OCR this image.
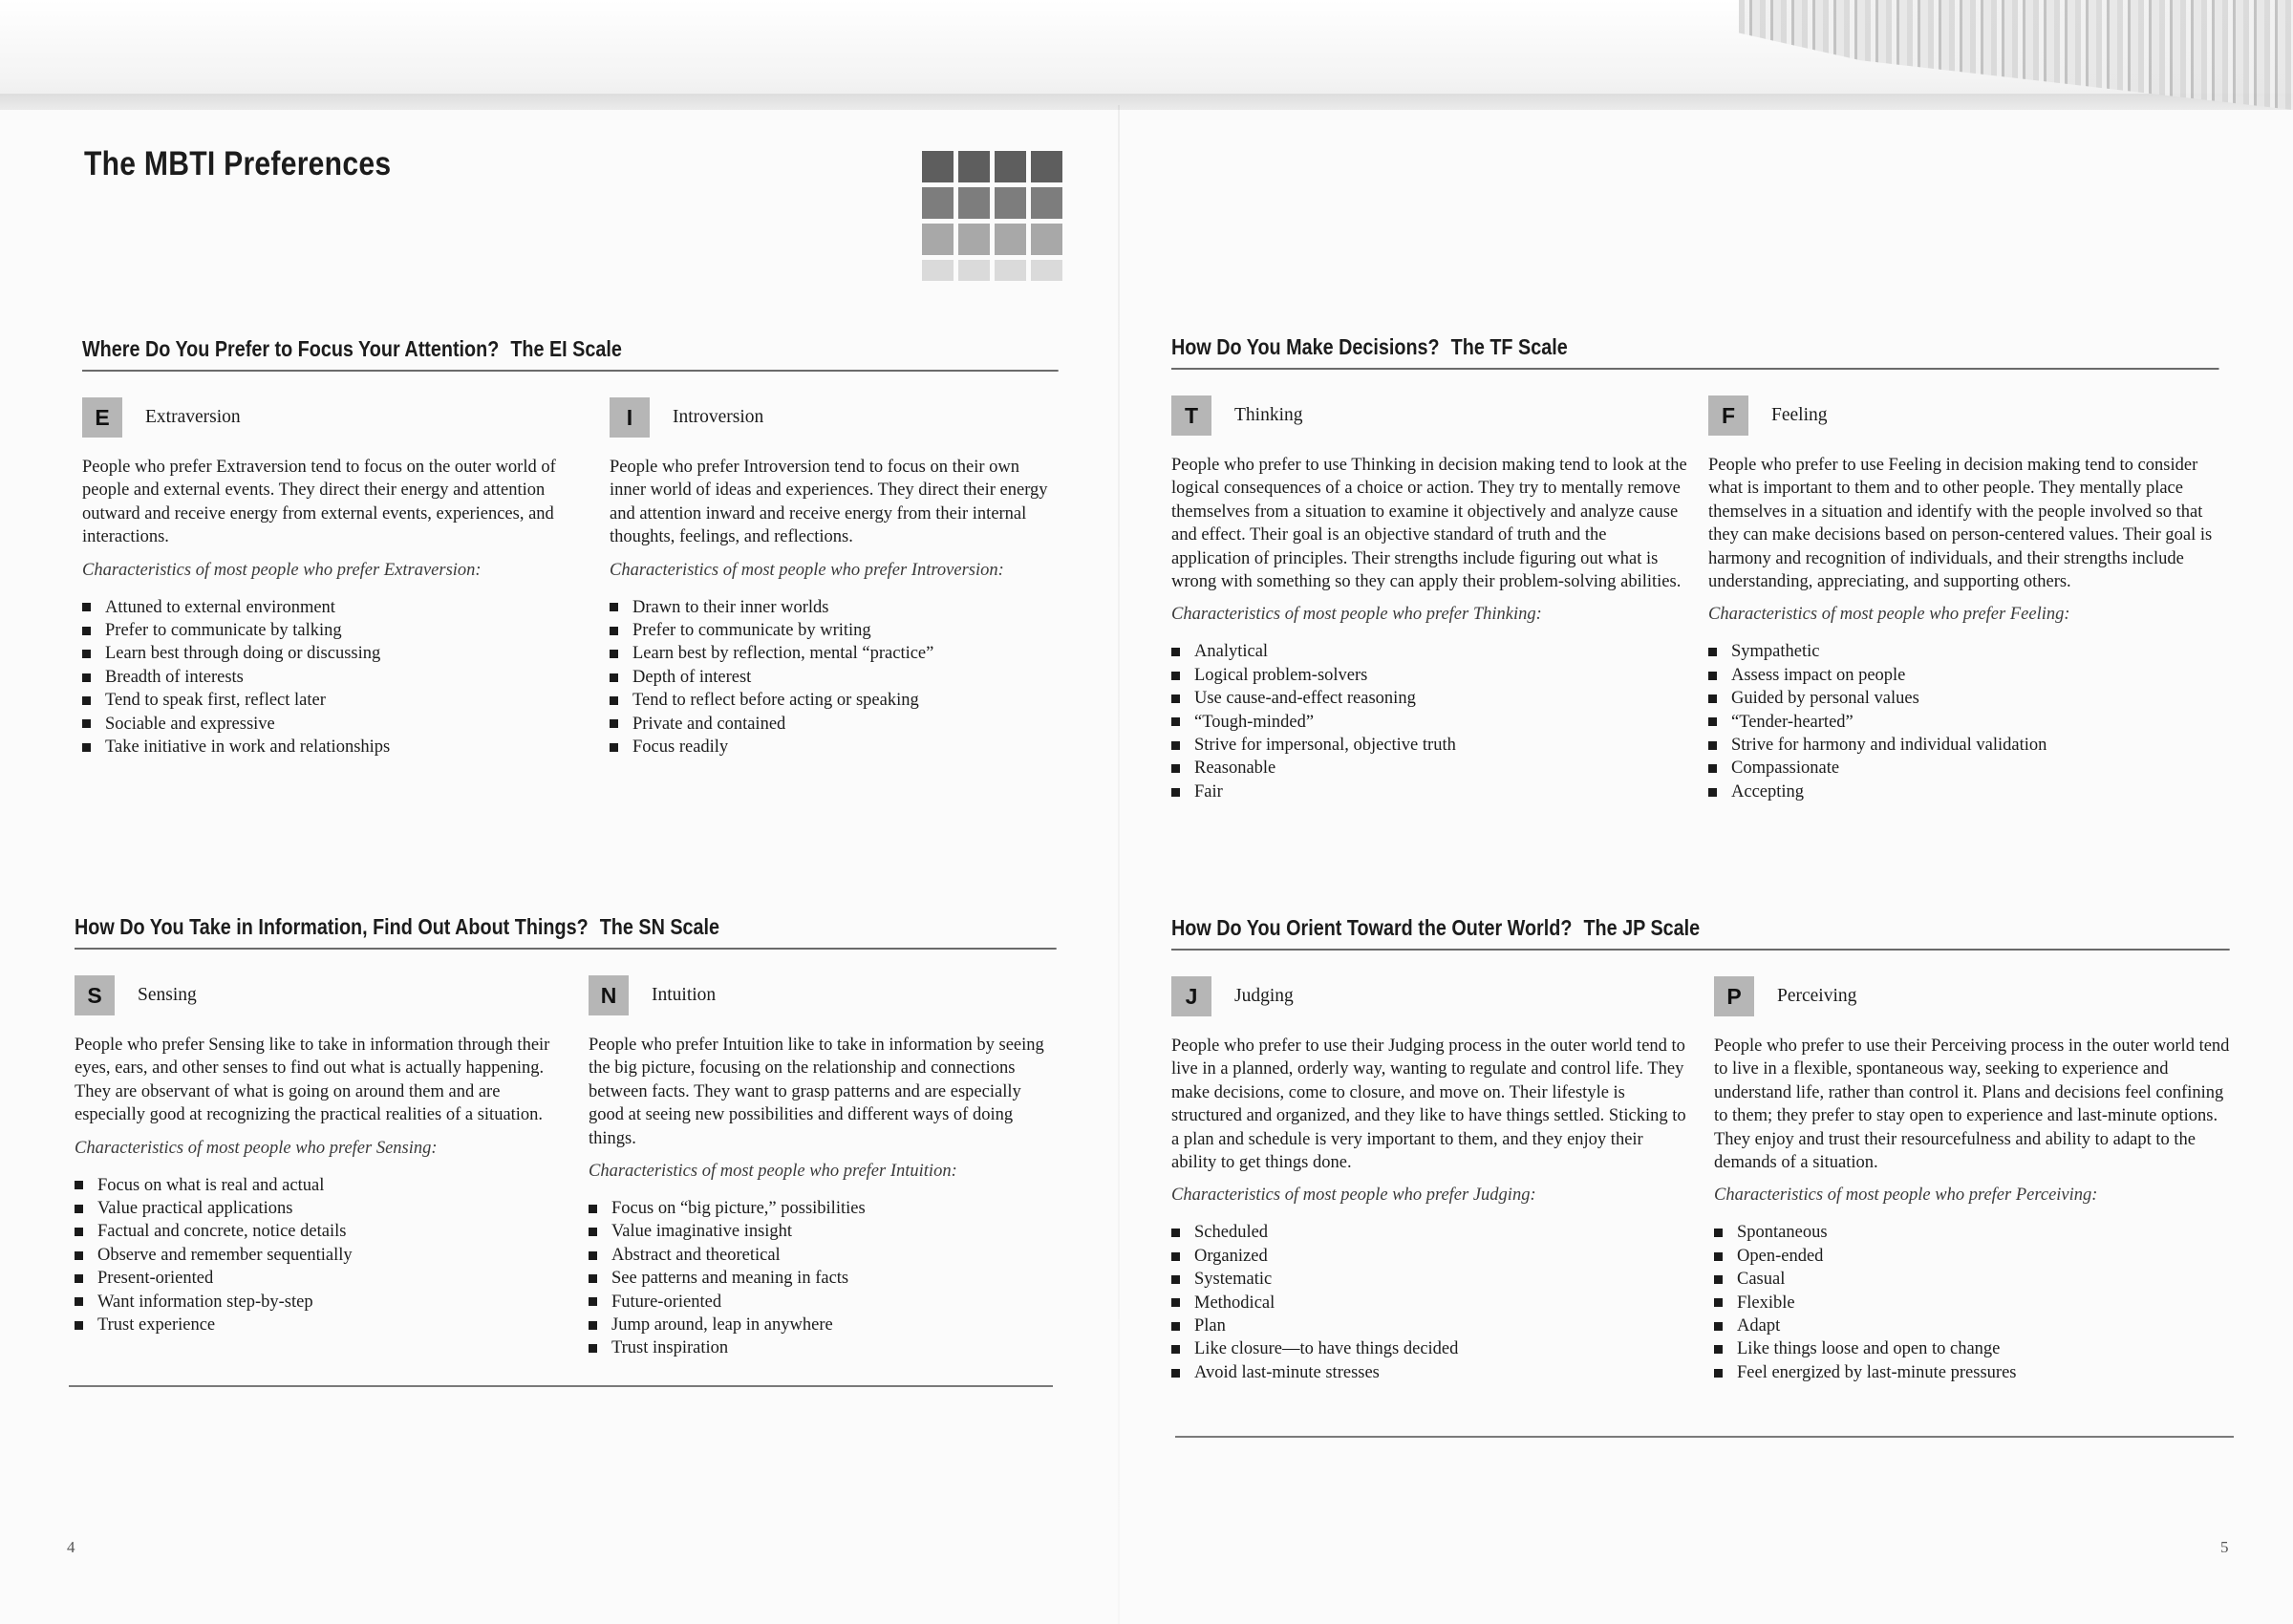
The MBTI Preferences
Where Do You Prefer to Focus Your Attention? The EI Scale
E	Extraversion

People who prefer Extraversion tend to focus on the outer world of people and external events. They direct their energy and attention outward and receive energy from external events, experiences, and interactions.

Characteristics of most people who prefer Extraversion:

Attuned to external environment
Prefer to communicate by talking
Learn best through doing or discussing
Breadth of interests
Tend to speak first, reflect later
Sociable and expressive
Take initiative in work and relationships
I	Introversion

People who prefer Introversion tend to focus on their own inner world of ideas and experiences. They direct their energy and attention inward and receive energy from their internal thoughts, feelings, and reflections.

Characteristics of most people who prefer Introversion:

Drawn to their inner worlds
Prefer to communicate by writing
Learn best by reflection, mental “practice”
Depth of interest
Tend to reflect before acting or speaking
Private and contained
Focus readily
How Do You Take in Information, Find Out About Things? The SN Scale
S	Sensing

People who prefer Sensing like to take in information through their eyes, ears, and other senses to find out what is actually happening. They are observant of what is going on around them and are especially good at recognizing the practical realities of a situation.

Characteristics of most people who prefer Sensing:

Focus on what is real and actual
Value practical applications
Factual and concrete, notice details
Observe and remember sequentially
Present-oriented
Want information step-by-step
Trust experience
N	Intuition

People who prefer Intuition like to take in information by seeing the big picture, focusing on the relationship and connections between facts. They want to grasp patterns and are especially good at seeing new possibilities and different ways of doing things.

Characteristics of most people who prefer Intuition:

Focus on “big picture,” possibilities
Value imaginative insight
Abstract and theoretical
See patterns and meaning in facts
Future-oriented
Jump around, leap in anywhere
Trust inspiration
How Do You Make Decisions? The TF Scale
T	Thinking

People who prefer to use Thinking in decision making tend to look at the logical consequences of a choice or action. They try to mentally remove themselves from a situation to examine it objectively and analyze cause and effect. Their goal is an objective standard of truth and the application of principles. Their strengths include figuring out what is wrong with something so they can apply their problem-solving abilities.

Characteristics of most people who prefer Thinking:

Analytical
Logical problem-solvers
Use cause-and-effect reasoning
“Tough-minded”
Strive for impersonal, objective truth
Reasonable
Fair
F	Feeling

People who prefer to use Feeling in decision making tend to consider what is important to them and to other people. They mentally place themselves in a situation and identify with the people involved so that they can make decisions based on person-centered values. Their goal is harmony and recognition of individuals, and their strengths include understanding, appreciating, and supporting others.

Characteristics of most people who prefer Feeling:

Sympathetic
Assess impact on people
Guided by personal values
“Tender-hearted”
Strive for harmony and individual validation
Compassionate
Accepting
How Do You Orient Toward the Outer World? The JP Scale
J	Judging

People who prefer to use their Judging process in the outer world tend to live in a planned, orderly way, wanting to regulate and control life. They make decisions, come to closure, and move on. Their lifestyle is structured and organized, and they like to have things settled. Sticking to a plan and schedule is very important to them, and they enjoy their ability to get things done.

Characteristics of most people who prefer Judging:

Scheduled
Organized
Systematic
Methodical
Plan
Like closure—to have things decided
Avoid last-minute stresses
P	Perceiving

People who prefer to use their Perceiving process in the outer world tend to live in a flexible, spontaneous way, seeking to experience and understand life, rather than control it. Plans and decisions feel confining to them; they prefer to stay open to experience and last-minute options. They enjoy and trust their resourcefulness and ability to adapt to the demands of a situation.

Characteristics of most people who prefer Perceiving:

Spontaneous
Open-ended
Casual
Flexible
Adapt
Like things loose and open to change
Feel energized by last-minute pressures
4	5
